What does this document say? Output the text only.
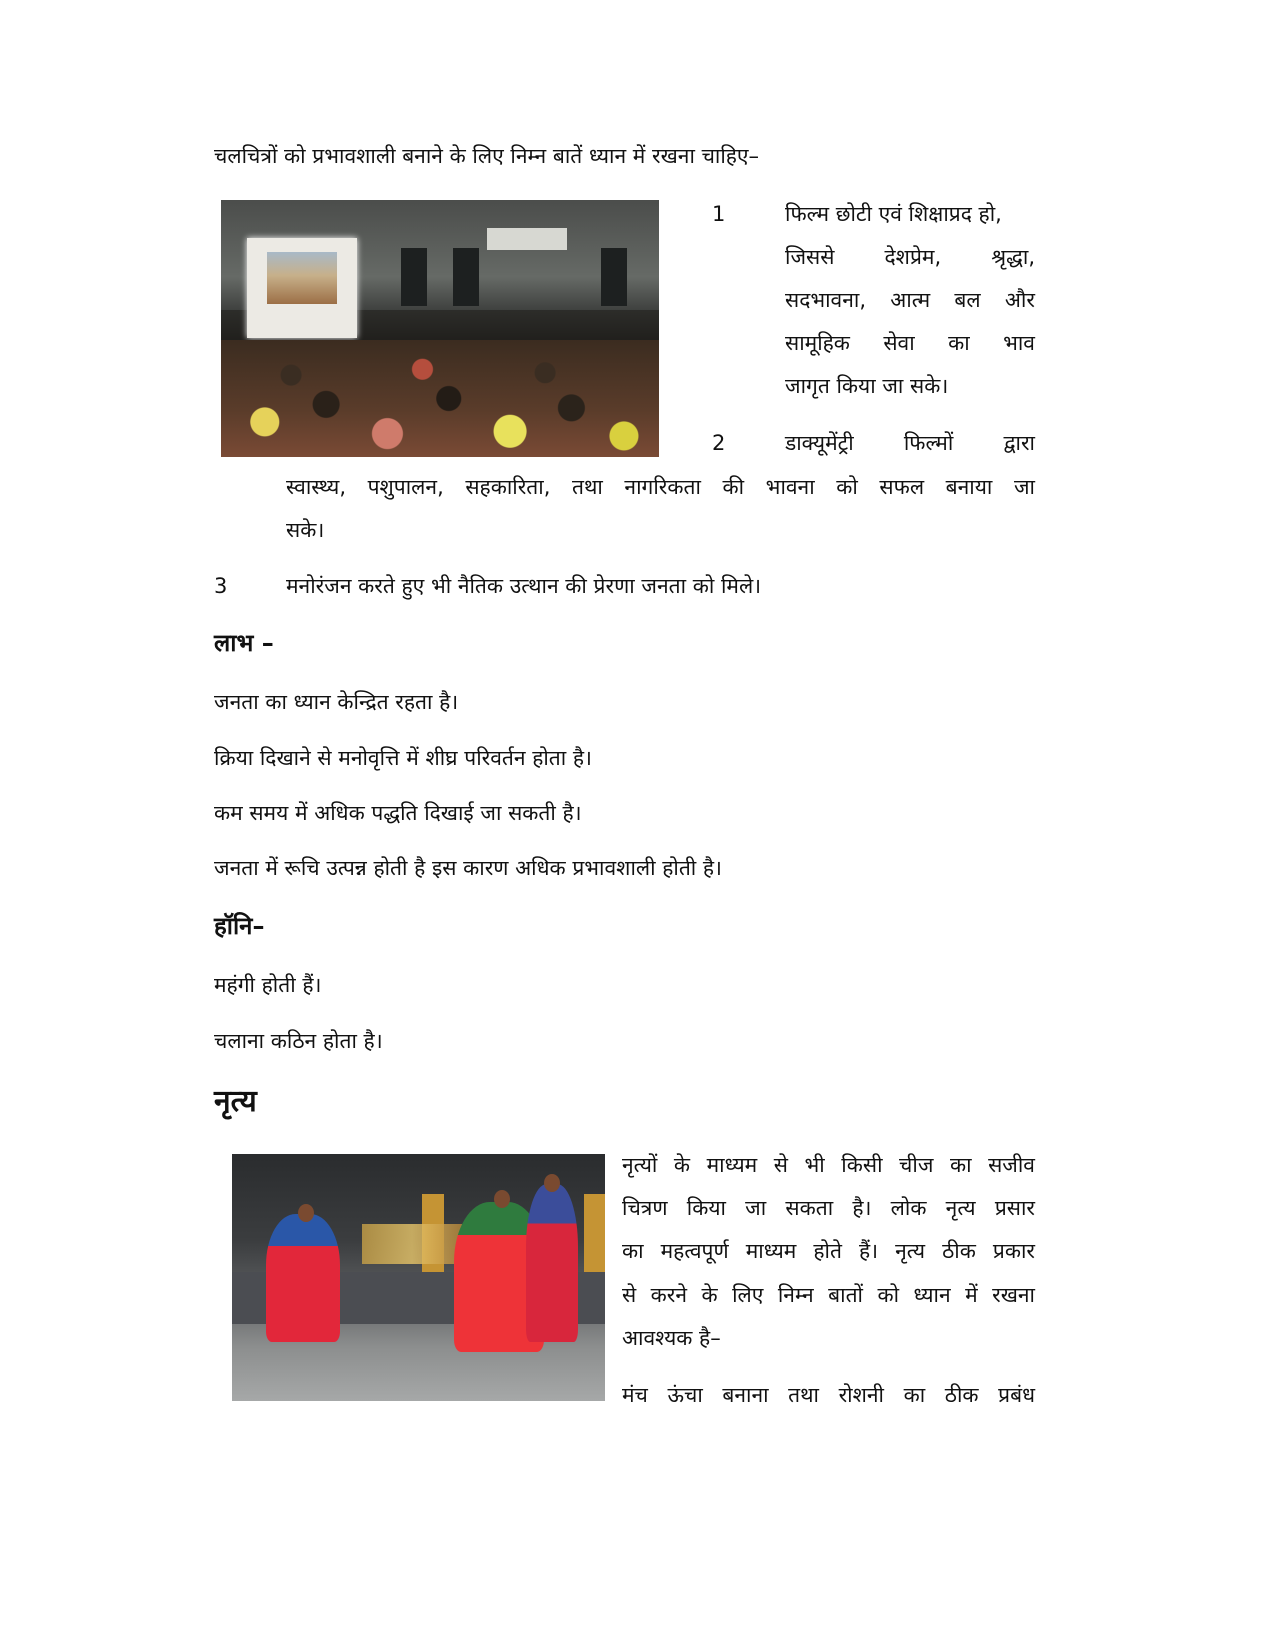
चलचित्रों को प्रभावशाली बनाने के लिए निम्न बातें ध्यान में रखना चाहिए–
1	फिल्म छोटी एवं शिक्षाप्रद हो,
जिससे देशप्रेम, श्रृद्धा,
सदभावना, आत्म बल और
सामूहिक सेवा का भाव
जागृत किया जा सके।
2	डाक्यूमेंट्री फिल्मों द्वारा
स्वास्थ्य, पशुपालन, सहकारिता, तथा नागरिकता की भावना को सफल बनाया जा
सके।
3	मनोरंजन करते हुए भी नैतिक उत्थान की प्रेरणा जनता को मिले।
लाभ –
जनता का ध्यान केन्द्रित रहता है।
क्रिया दिखाने से मनोवृत्ति में शीघ्र परिवर्तन होता है।
कम समय में अधिक पद्धति दिखाई जा सकती है।
जनता में रूचि उत्पन्न होती है इस कारण अधिक प्रभावशाली होती है।
हॉनि–
महंगी होती हैं।
चलाना कठिन होता है।
नृत्य
नृत्यों के माध्यम से भी किसी चीज का सजीव
चित्रण किया जा सकता है। लोक नृत्य प्रसार
का महत्वपूर्ण माध्यम होते हैं। नृत्य ठीक प्रकार
से करने के लिए निम्न बातों को ध्यान में रखना
आवश्यक है–
मंच ऊंचा बनाना तथा रोशनी का ठीक प्रबंध
